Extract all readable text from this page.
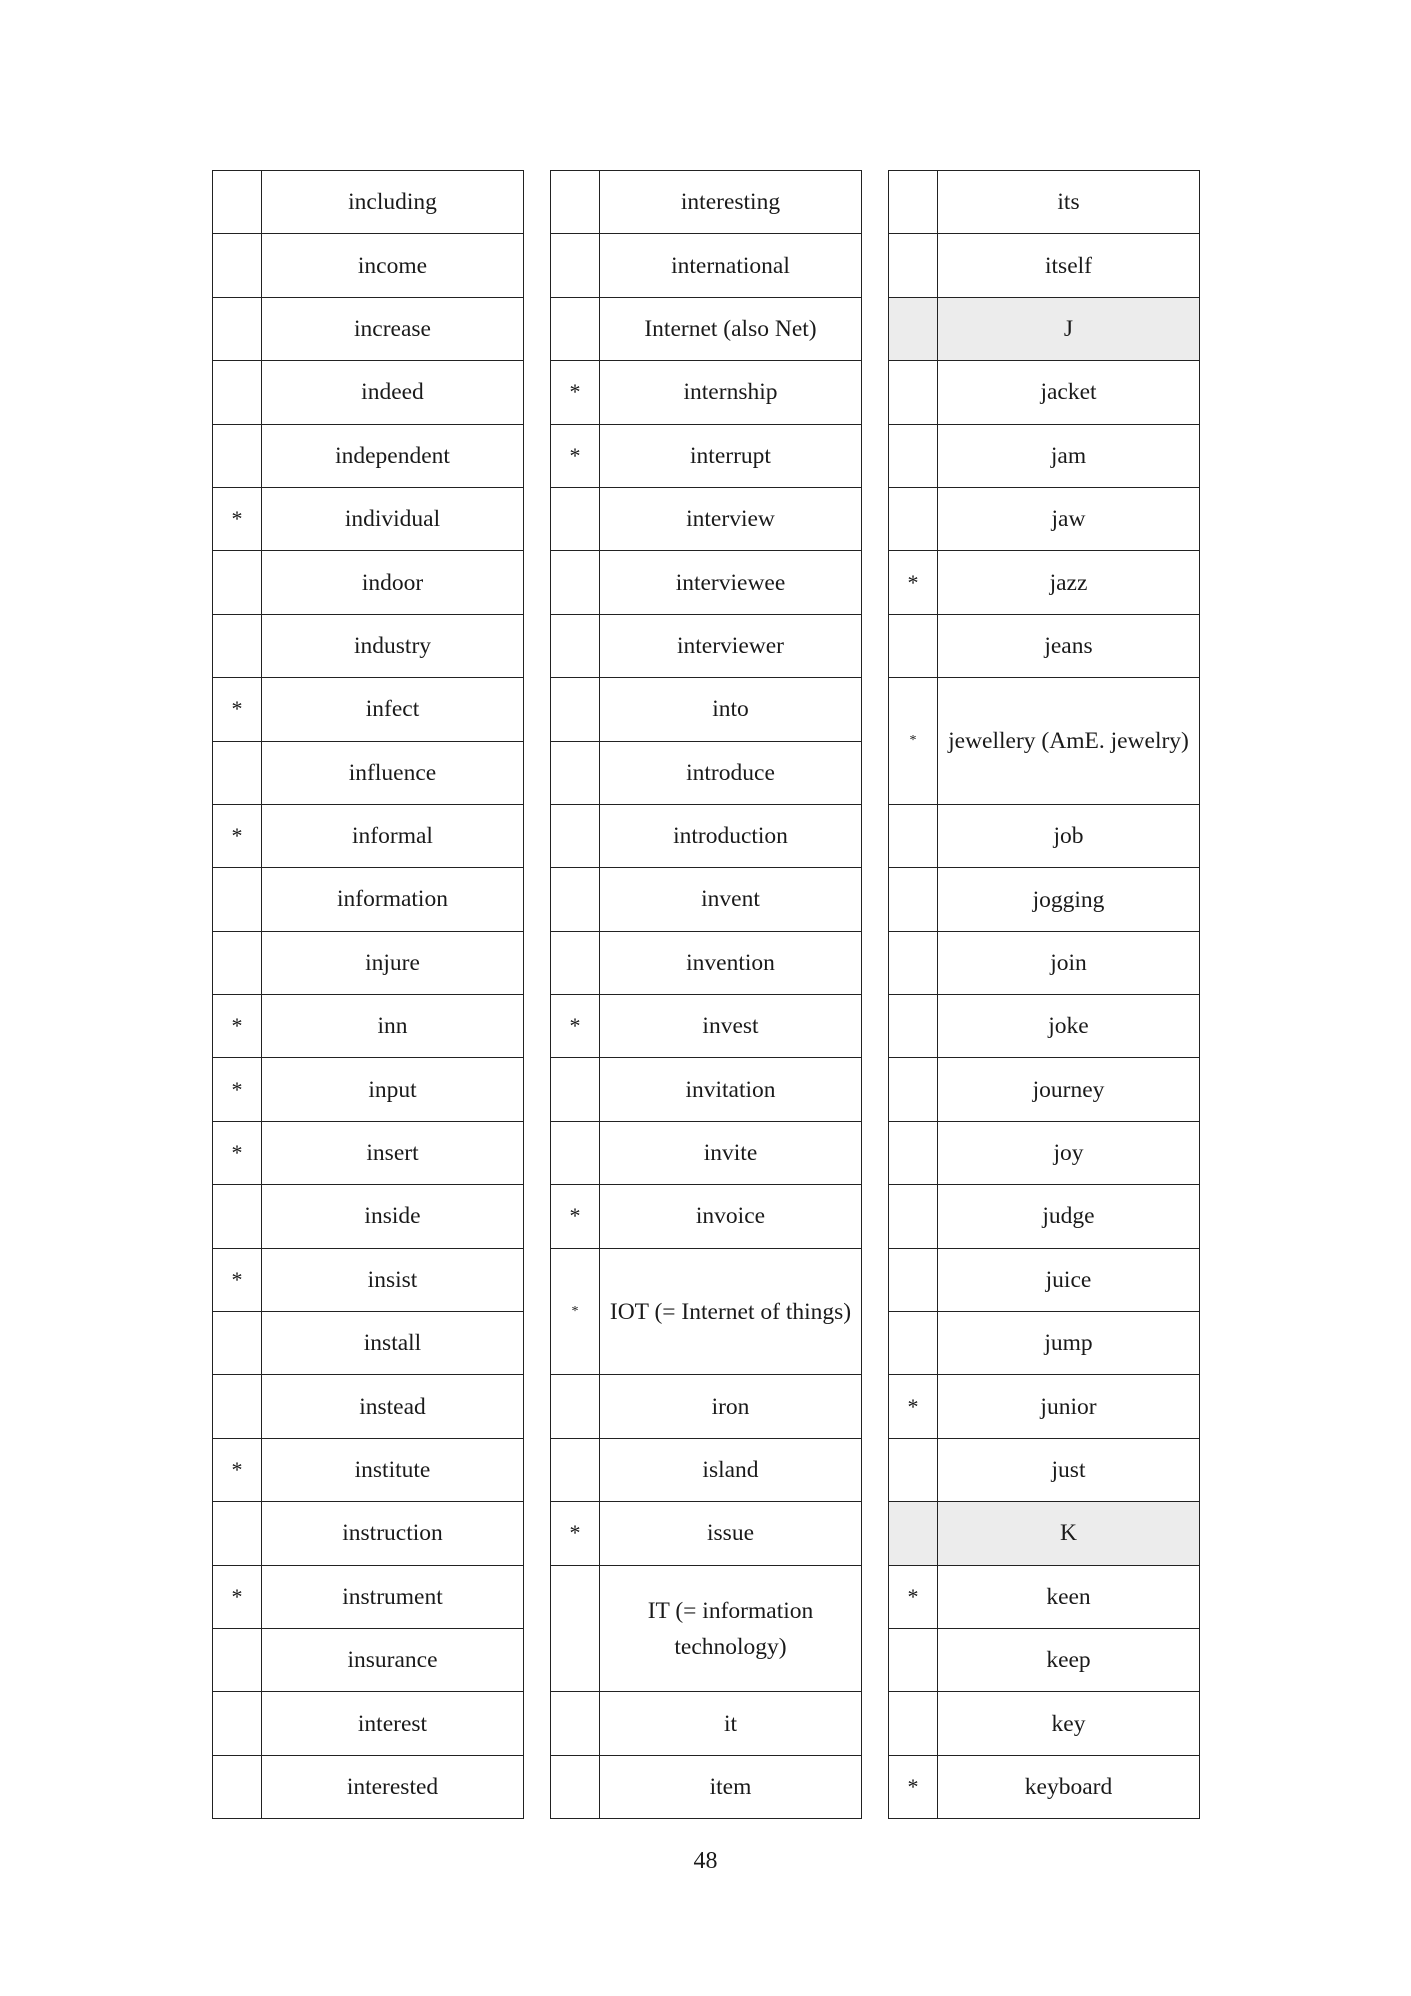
	including
	income
	increase
	indeed
	independent
*	individual
	indoor
	industry
*	infect
	influence
*	informal
	information
	injure
*	inn
*	input
*	insert
	inside
*	insist
	install
	instead
*	institute
	instruction
*	instrument
	insurance
	interest
	interested
	interesting
	international
	Internet (also Net)
*	internship
*	interrupt
	interview
	interviewee
	interviewer
	into
	introduce
	introduction
	invent
	invention
*	invest
	invitation
	invite
*	invoice
*	IOT (= Internet of things)
	iron
	island
*	issue
	IT (= information technology)
	it
	item
	its
	itself
	J
	jacket
	jam
	jaw
*	jazz
	jeans
*	jewellery (AmE. jewelry)
	job
	jogging
	join
	joke
	journey
	joy
	judge
	juice
	jump
*	junior
	just
	K
*	keen
	keep
	key
*	keyboard
48
